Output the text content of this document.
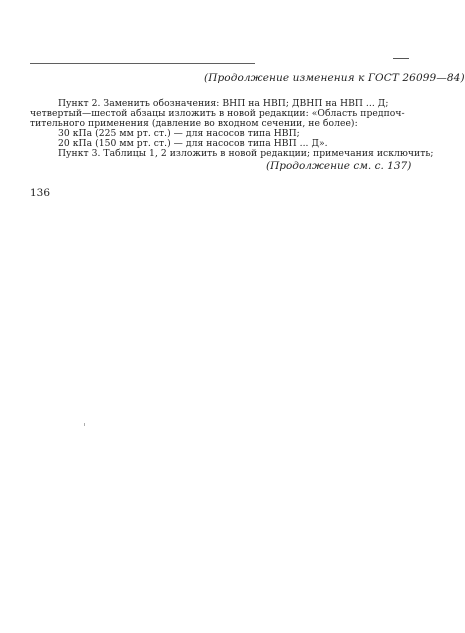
(Продолжение изменения к ГОСТ 26099—84)
Пункт 2. Заменить обозначения: ВНП на НВП; ДВНП на НВП ... Д;
четвертый—шестой абзацы изложить в новой редакции: «Область предпоч-
тительного применения (давление во входном сечении, не более):
30 кПа (225 мм рт. ст.) — для насосов типа НВП;
20 кПа (150 мм рт. ст.) — для насосов типа НВП ... Д».
Пункт 3. Таблицы 1, 2 изложить в новой редакции; примечания исключить;
(Продолжение см. с. 137)
136
